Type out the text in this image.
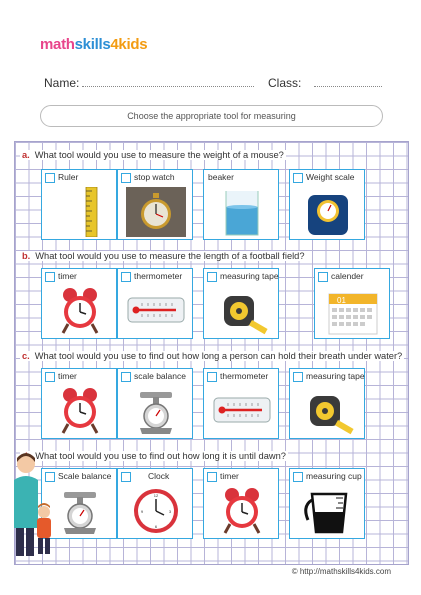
mathskills4kids
Name:	Class:
Choose the appropriate tool for measuring
a. What tool would you use to measure the weight of a mouse?
Ruler	stop watch	beaker	Weight scale
b. What tool would you use to measure the length of a football field?
timer	thermometer	measuring tape	calender
01
c. What tool would you use to find out how long a person can hold their breath under water?
timer	scale balance	thermometer	measuring tape
What tool would you use to find out how long it is until dawn?
Scale balance	Clock	timer	measuring cup
© http://mathskills4kids.com
